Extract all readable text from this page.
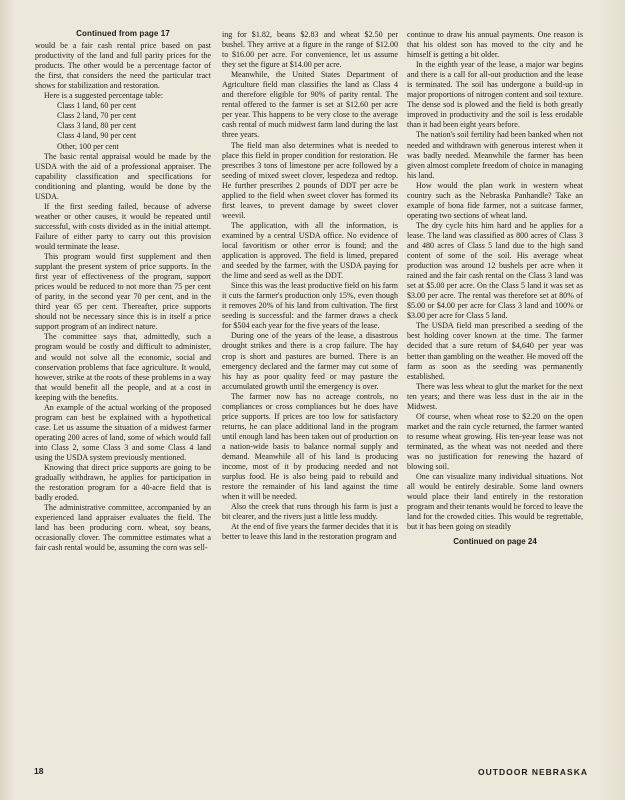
Continued from page 17

would be a fair cash rental price based on past productivity of the land and full parity prices for the products. The other would be a percentage factor of the first, that considers the need the particular tract shows for stabilization and restoration.

Here is a suggested percentage table:

Class 1 land, 60 per cent
Class 2 land, 70 per cent
Class 3 land, 80 per cent
Class 4 land, 90 per cent
Other, 100 per cent

The basic rental appraisal would be made by the USDA with the aid of a professional appraiser. The capability classification and specifications for conditioning and planting, would be done by the USDA.

If the first seeding failed, because of adverse weather or other causes, it would be repeated until successful, with costs divided as in the initial attempt. Failure of either party to carry out this provision would terminate the lease.

This program would first supplement and then supplant the present system of price supports. In the first year of effectiveness of the program, support prices would be reduced to not more than 75 per cent of parity, in the second year 70 per cent, and in the third year 65 per cent. Thereafter, price supports should not be necessary since this is in itself a price support program of an indirect nature.

The committee says that, admittedly, such a program would be costly and difficult to administer, and would not solve all the economic, social and conservation problems that face agriculture. It would, however, strike at the roots of these problems in a way that would benefit all the people, and at a cost in keeping with the benefits.

An example of the actual working of the proposed program can best be explained with a hypothetical case. Let us assume the situation of a midwest farmer operating 200 acres of land, some of which would fall into Class 2, some Class 3 and some Class 4 land using the USDA system previously mentioned.

Knowing that direct price supports are going to be gradually withdrawn, he applies for participation in the restoration program for a 40-acre field that is badly eroded.

The administrative committee, accompanied by an experienced land appraiser evaluates the field. The land has been producing corn. wheat, soy beans, occasionally clover. The committee estimates what a fair cash rental would be, assuming the corn was sell-

ing for $1.82, beans $2.83 and wheat $2.50 per bushel. They arrive at a figure in the range of $12.00 to $16.00 per acre. For convenience, let us assume they set the figure at $14.00 per acre.

Meanwhile, the United States Department of Agriculture field man classifies the land as Class 4 and therefore eligible for 90% of parity rental. The rental offered to the farmer is set at $12.60 per acre per year. This happens to be very close to the average cash rental of much midwest farm land during the last three years.

The field man also determines what is needed to place this field in proper condition for restoration. He prescribes 3 tons of limestone per acre followed by a seeding of mixed sweet clover, lespedeza and redtop. He further prescribes 2 pounds of DDT per acre be applied to the field when sweet clover has formed its first leaves, to prevent damage by sweet clover weevil.

The application, with all the information, is examined by a central USDA office. No evidence of local favoritism or other error is found; and the application is approved. The field is limed, prepared and seeded by the farmer, with the USDA paying for the lime and seed as well as the DDT.

Since this was the least productive field on his farm it cuts the farmer's production only 15%, even though it removes 20% of his land from cultivation. The first seeding is successful: and the farmer draws a check for $504 each year for the five years of the lease.

During one of the years of the lease, a disastrous drought strikes and there is a crop failure. The hay crop is short and pastures are burned. There is an emergency declared and the farmer may cut some of his hay as poor quality feed or may pasture the accumulated growth until the emergency is over.

The farmer now has no acreage controls, no compliances or cross compliances but he does have price supports. If prices are too low for satisfactory returns, he can place additional land in the program until enough land has been taken out of production on a nation-wide basis to balance normal supply and demand. Meanwhile all of his land is producing income, most of it by producing needed and not surplus food. He is also being paid to rebuild and restore the remainder of his land against the time when it will be needed.

Also the creek that runs through his farm is just a bit clearer, and the rivers just a little less muddy.

At the end of five years the farmer decides that it is better to leave this land in the restoration program and

continue to draw his annual payments. One reason is that his oldest son has moved to the city and he himself is getting a bit older.

In the eighth year of the lease, a major war begins and there is a call for all-out production and the lease is terminated. The soil has undergone a build-up in major proportions of nitrogen content and soil texture. The dense sod is plowed and the field is both greatly improved in productivity and the soil is less erodable than it had been eight years before.

The nation's soil fertility had been banked when not needed and withdrawn with generous interest when it was badly needed. Meanwhile the farmer has been given almost complete freedom of choice in managing his land.

How would the plan work in western wheat country such as the Nebraska Panhandle? Take an example of bona fide farmer, not a suitcase farmer, operating two sections of wheat land.

The dry cycle hits him hard and he applies for a lease. The land was classified as 800 acres of Class 3 and 480 acres of Class 5 land due to the high sand content of some of the soil. His average wheat production was around 12 bushels per acre when it rained and the fair cash rental on the Class 3 land was set at $5.00 per acre. On the Class 5 land it was set as $3.00 per acre. The rental was therefore set at 80% of $5.00 or $4.00 per acre for Class 3 land and 100% or $3.00 per acre for Class 5 land.

The USDA field man prescribed a seeding of the best holding cover known at the time. The farmer decided that a sure return of $4,640 per year was better than gambling on the weather. He moved off the farm as soon as the seeding was permanently established.

There was less wheat to glut the market for the next ten years; and there was less dust in the air in the Midwest.

Of course, when wheat rose to $2.20 on the open market and the rain cycle returned, the farmer wanted to resume wheat growing. His ten-year lease was not terminated, as the wheat was not needed and there was no justification for renewing the hazard of blowing soil.

One can visualize many individual situations. Not all would be entirely desirable. Some land owners would place their land entirely in the restoration program and their tenants would be forced to leave the land for the crowded cities. This would be regrettable, but it has been going on steadily

Continued on page 24
18	OUTDOOR NEBRASKA
